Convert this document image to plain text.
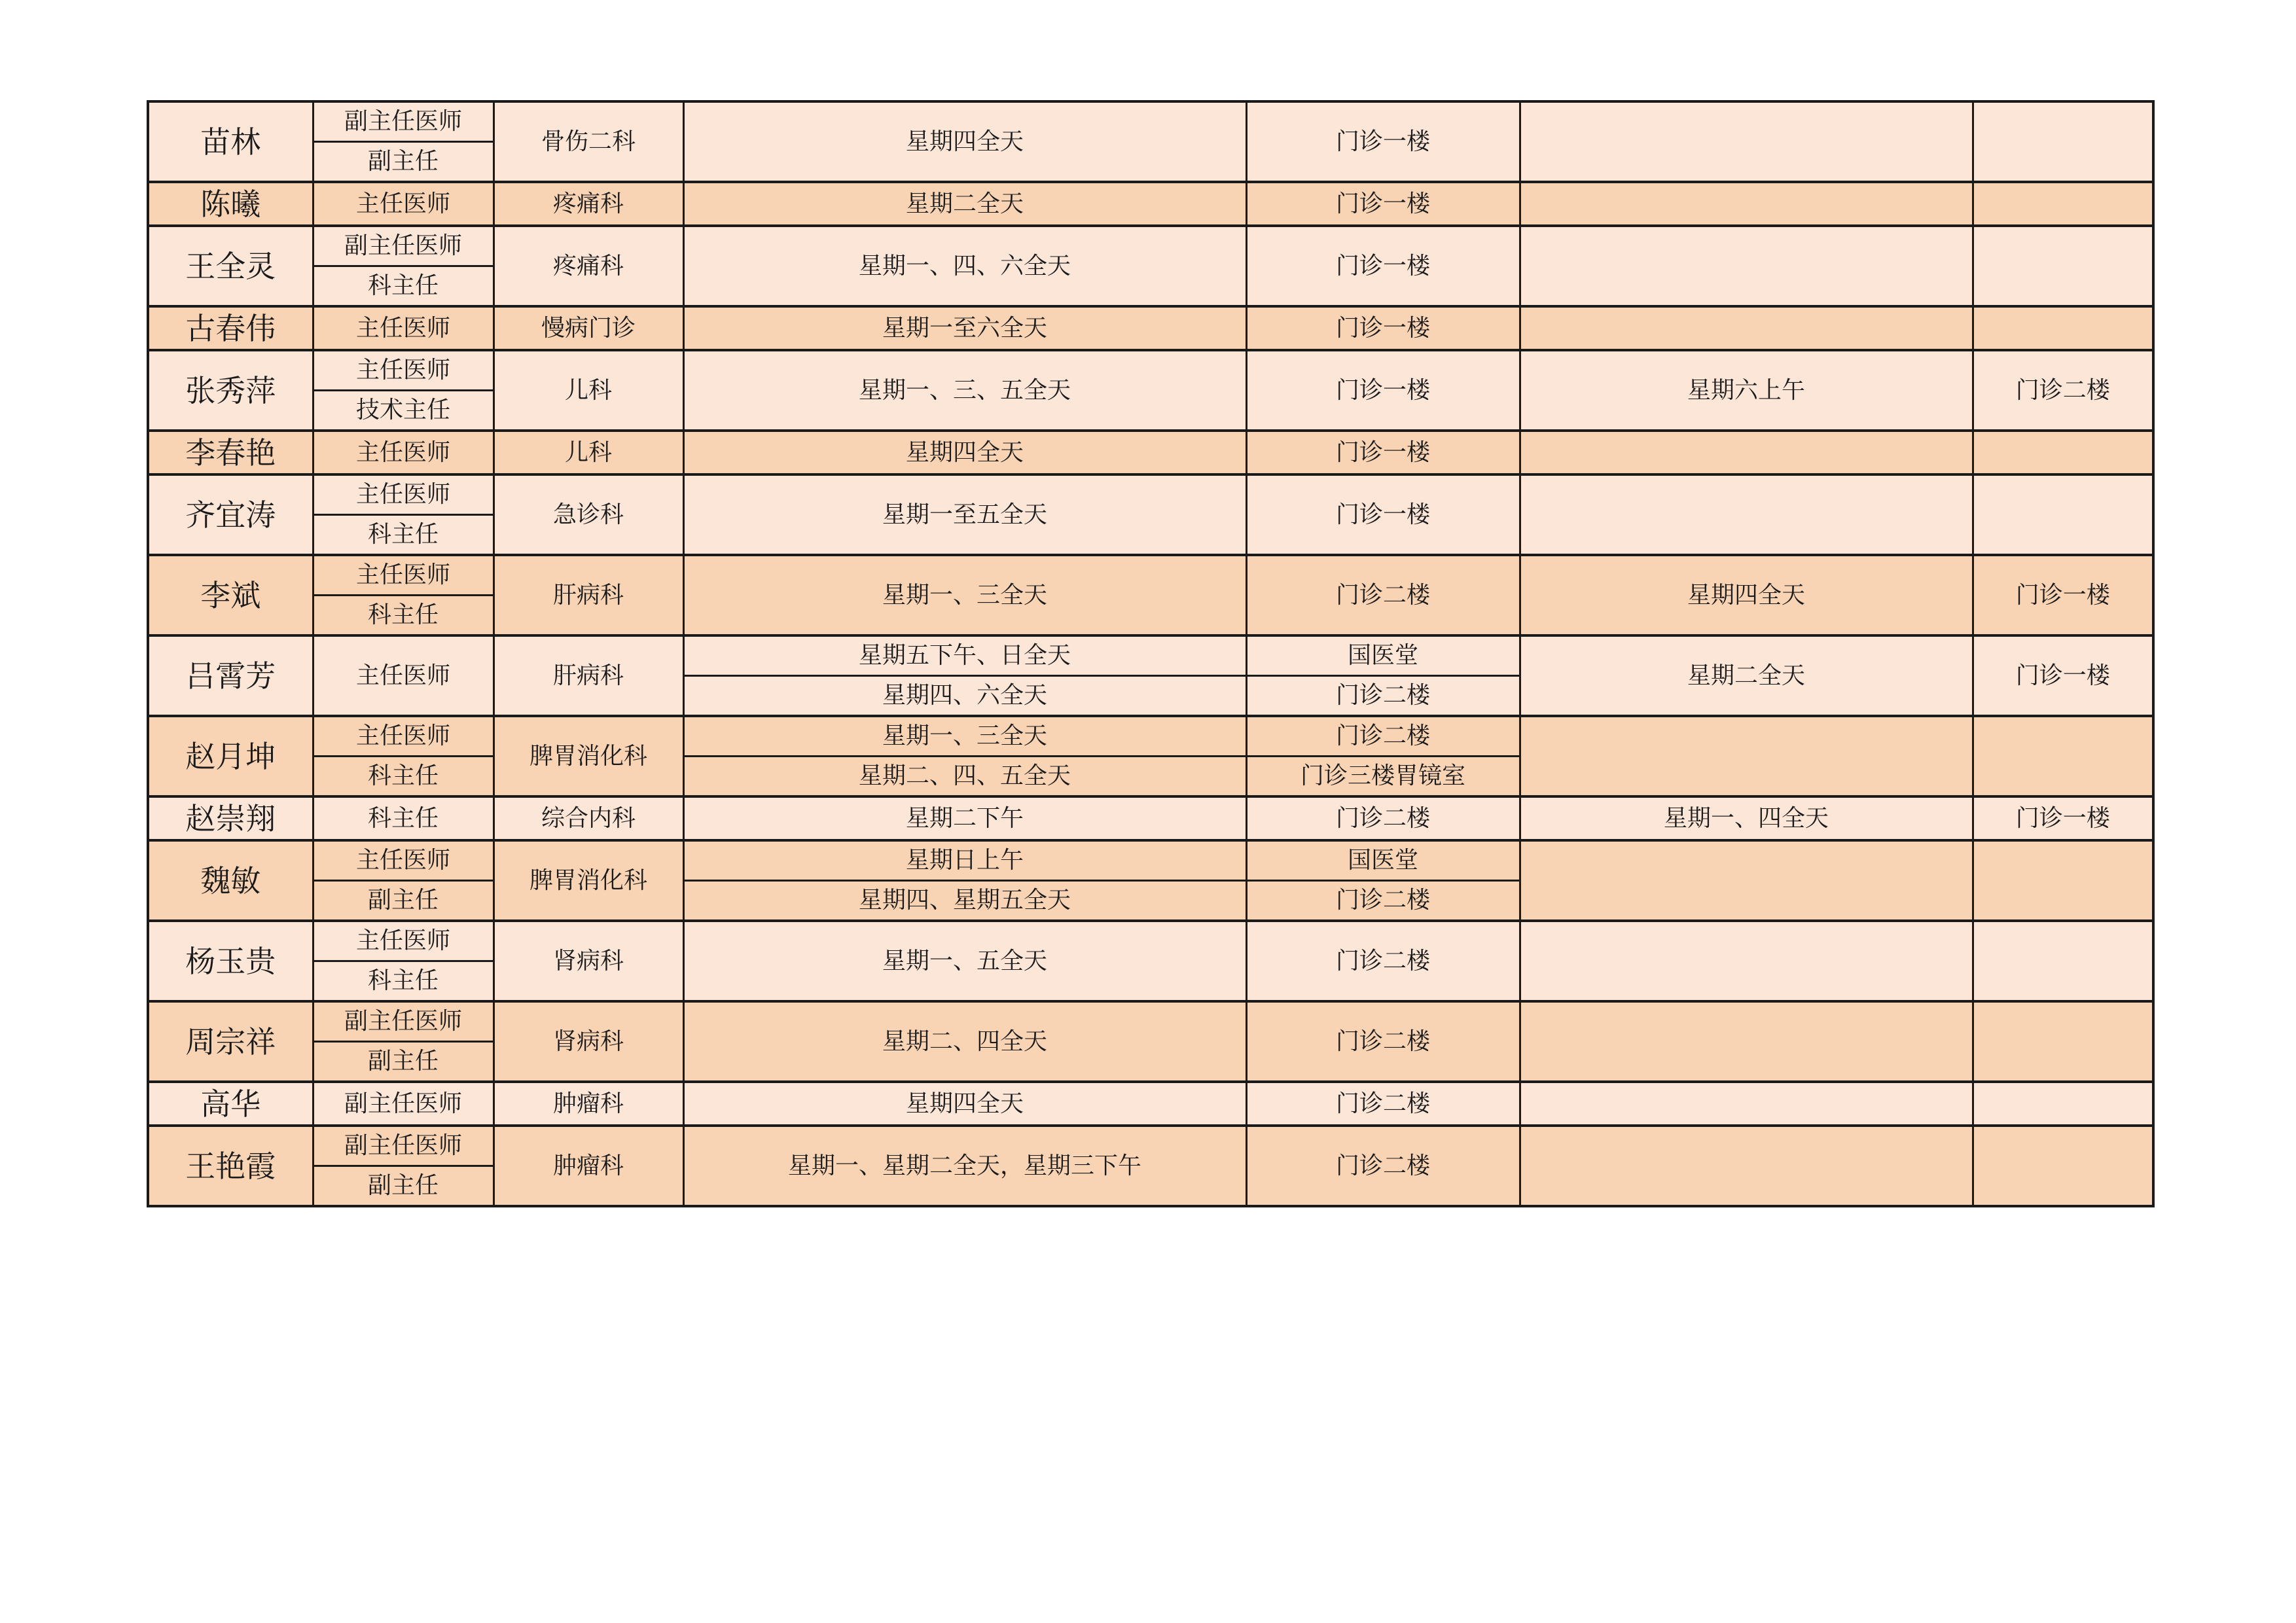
苗林	副主任医师	骨伤二科	星期四全天	门诊一楼		
	副主任					
陈曦	主任医师	疼痛科	星期二全天	门诊一楼		
王全灵	副主任医师	疼痛科	星期一、四、六全天	门诊一楼		
	科主任					
古春伟	主任医师	慢病门诊	星期一至六全天	门诊一楼		
张秀萍	主任医师	儿科	星期一、三、五全天	门诊一楼	星期六上午	门诊二楼
	技术主任					
李春艳	主任医师	儿科	星期四全天	门诊一楼		
齐宜涛	主任医师	急诊科	星期一至五全天	门诊一楼		
	科主任					
李斌	主任医师	肝病科	星期一、三全天	门诊二楼	星期四全天	门诊一楼
	科主任					
吕霄芳	主任医师	肝病科	星期五下午、日全天	国医堂	星期二全天	门诊一楼
			星期四、六全天	门诊二楼		
赵月坤	主任医师	脾胃消化科	星期一、三全天	门诊二楼		
	科主任		星期二、四、五全天	门诊三楼胃镜室		
赵崇翔	科主任	综合内科	星期二下午	门诊二楼	星期一、四全天	门诊一楼
魏敏	主任医师	脾胃消化科	星期日上午	国医堂		
	副主任		星期四、星期五全天	门诊二楼		
杨玉贵	主任医师	肾病科	星期一、五全天	门诊二楼		
	科主任					
周宗祥	副主任医师	肾病科	星期二、四全天	门诊二楼		
	副主任					
高华	副主任医师	肿瘤科	星期四全天	门诊二楼		
王艳霞	副主任医师	肿瘤科	星期一、星期二全天，星期三下午	门诊二楼		
	副主任					
